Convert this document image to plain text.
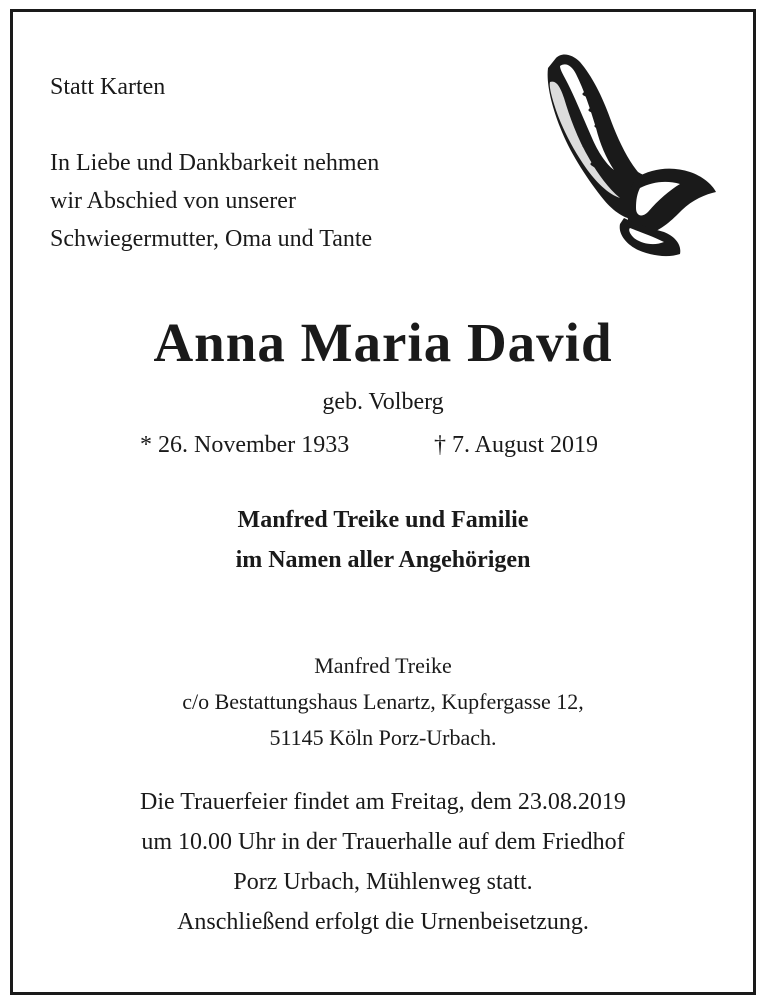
Statt Karten
In Liebe und Dankbarkeit nehmen
wir Abschied von unserer
Schwiegermutter, Oma und Tante
Anna Maria David
geb. Volberg
* 26. November 1933	† 7. August 2019
Manfred Treike und Familie
im Namen aller Angehörigen
Manfred Treike
c/o Bestattungshaus Lenartz, Kupfergasse 12,
51145 Köln Porz-Urbach.
Die Trauerfeier findet am Freitag, dem 23.08.2019
um 10.00 Uhr in der Trauerhalle auf dem Friedhof
Porz Urbach, Mühlenweg statt.
Anschließend erfolgt die Urnenbeisetzung.
